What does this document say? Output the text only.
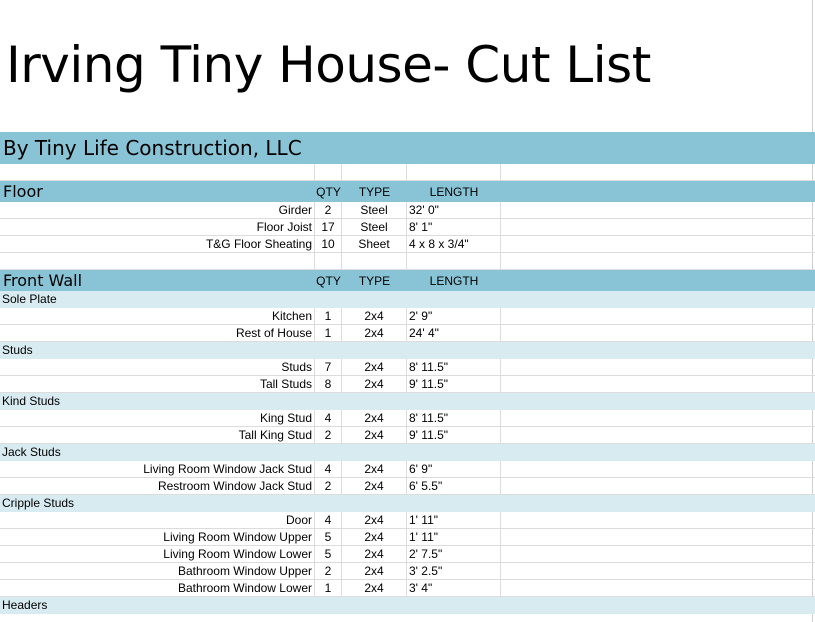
Irving Tiny House- Cut List
By Tiny Life Construction, LLC
Floor	QTY	TYPE	LENGTH
Girder	2	Steel	32' 0"
Floor Joist 17	Steel	8' 1"
T&G Floor Sheating 10	Sheet	4 x 8 x 3/4"
Front Wall	QTY	TYPE	LENGTH
Sole Plate
Kitchen	1	2x4	2' 9"
Rest of House	1	2x4	24' 4"
Studs
Studs	7	2x4	8' 11.5"
Tall Studs	8	2x4	9' 11.5"
Kind Studs
King Stud	4	2x4	8' 11.5"
Tall King Stud	2	2x4	9' 11.5"
Jack Studs
Living Room Window Jack Stud	4	2x4	6' 9"
Restroom Window Jack Stud	2	2x4	6' 5.5"
Cripple Studs
Door	4	2x4	1' 11"
Living Room Window Upper	5	2x4	1' 11"
Living Room Window Lower	5	2x4	2' 7.5"
Bathroom Window Upper	2	2x4	3' 2.5"
Bathroom Window Lower	1	2x4	3' 4"
Headers
